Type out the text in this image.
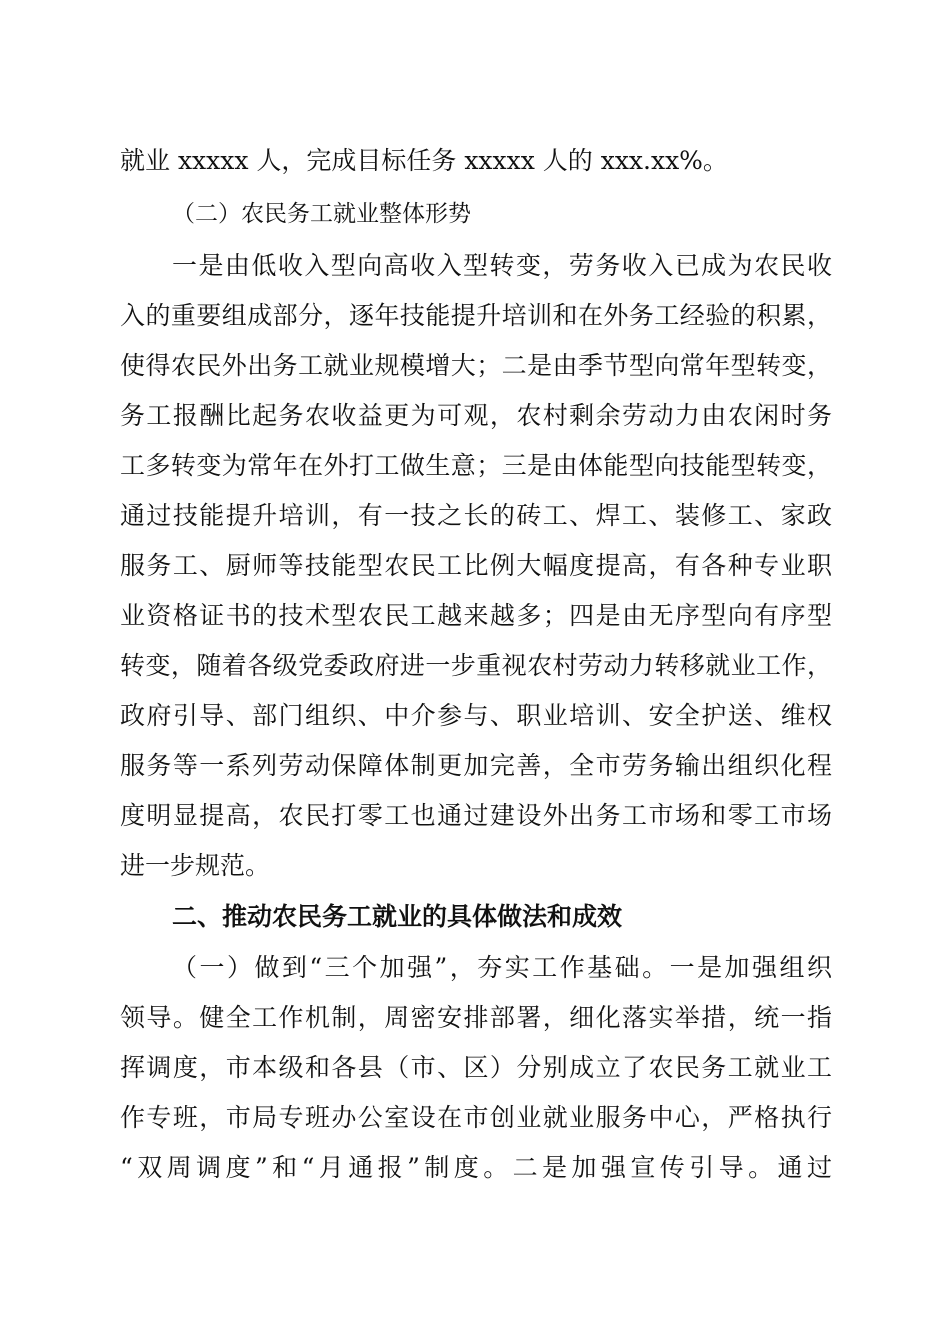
就业 xxxxx 人，完成目标任务 xxxxx 人的 xxx.xx%。
（二）农民务工就业整体形势
一是由低收入型向高收入型转变，劳务收入已成为农民收
入的重要组成部分，逐年技能提升培训和在外务工经验的积累，
使得农民外出务工就业规模增大；二是由季节型向常年型转变，
务工报酬比起务农收益更为可观，农村剩余劳动力由农闲时务
工多转变为常年在外打工做生意；三是由体能型向技能型转变，
通过技能提升培训，有一技之长的砖工、焊工、装修工、家政
服务工、厨师等技能型农民工比例大幅度提高，有各种专业职
业资格证书的技术型农民工越来越多；四是由无序型向有序型
转变，随着各级党委政府进一步重视农村劳动力转移就业工作，
政府引导、部门组织、中介参与、职业培训、安全护送、维权
服务等一系列劳动保障体制更加完善，全市劳务输出组织化程
度明显提高，农民打零工也通过建设外出务工市场和零工市场
进一步规范。
二、推动农民务工就业的具体做法和成效
（一）做到“三个加强”，夯实工作基础。一是加强组织
领导。健全工作机制，周密安排部署，细化落实举措，统一指
挥调度，市本级和各县（市、区）分别成立了农民务工就业工
作专班，市局专班办公室设在市创业就业服务中心，严格执行
“双周调度”和“月通报”制度。二是加强宣传引导。通过
